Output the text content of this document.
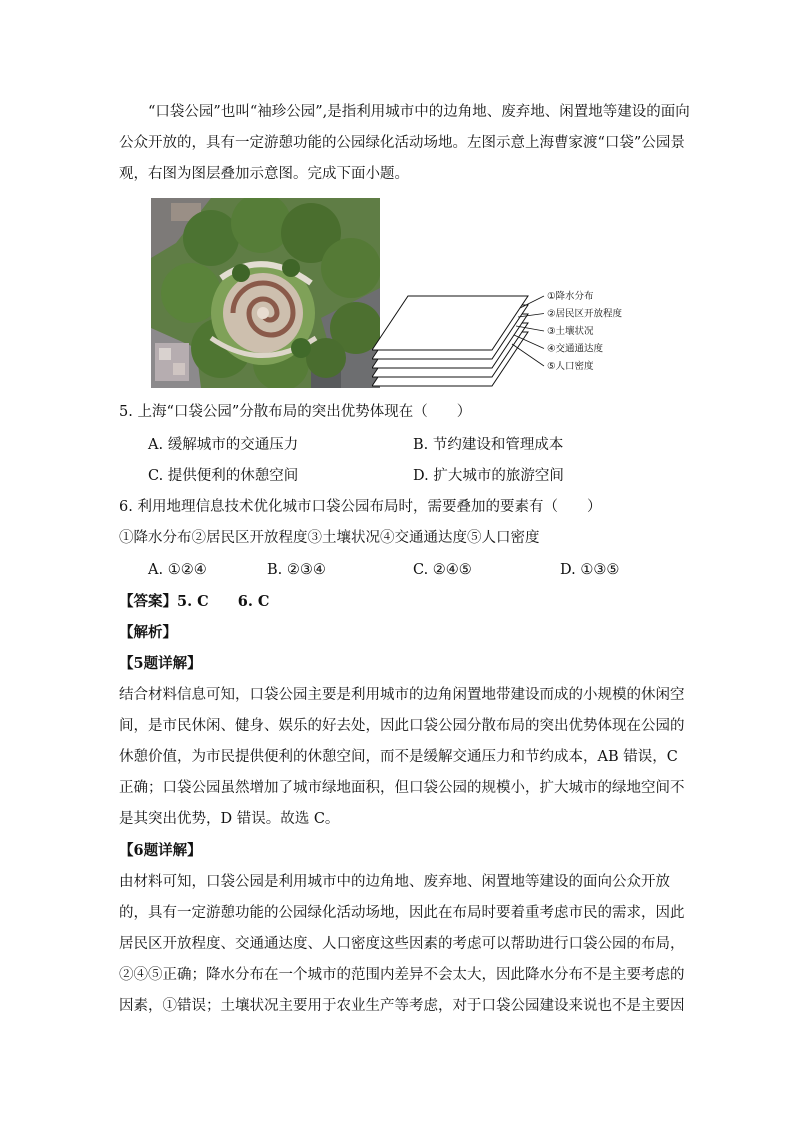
“口袋公园”也叫“袖珍公园”,是指利用城市中的边角地、废弃地、闲置地等建设的面向
公众开放的，具有一定游憩功能的公园绿化活动场地。左图示意上海曹家渡“口袋”公园景
观，右图为图层叠加示意图。完成下面小题。
①降水分布
②居民区开放程度
③土壤状况
④交通通达度
⑤人口密度
5. 上海“口袋公园”分散布局的突出优势体现在（　　）
A. 缓解城市的交通压力	B. 节约建设和管理成本
C. 提供便利的休憩空间	D. 扩大城市的旅游空间
6. 利用地理信息技术优化城市口袋公园布局时，需要叠加的要素有（　　）
①降水分布②居民区开放程度③土壤状况④交通通达度⑤人口密度
A. ①②④	B. ②③④	C. ②④⑤	D. ①③⑤
【答案】5. C　　6. C
【解析】
【5题详解】
结合材料信息可知，口袋公园主要是利用城市的边角闲置地带建设而成的小规模的休闲空
间，是市民休闲、健身、娱乐的好去处，因此口袋公园分散布局的突出优势体现在公园的
休憩价值，为市民提供便利的休憩空间，而不是缓解交通压力和节约成本，AB 错误，C
正确；口袋公园虽然增加了城市绿地面积，但口袋公园的规模小，扩大城市的绿地空间不
是其突出优势，D 错误。故选 C。
【6题详解】
由材料可知，口袋公园是利用城市中的边角地、废弃地、闲置地等建设的面向公众开放
的，具有一定游憩功能的公园绿化活动场地，因此在布局时要着重考虑市民的需求，因此
居民区开放程度、交通通达度、人口密度这些因素的考虑可以帮助进行口袋公园的布局，
②④⑤正确；降水分布在一个城市的范围内差异不会太大，因此降水分布不是主要考虑的
因素，①错误；土壤状况主要用于农业生产等考虑，对于口袋公园建设来说也不是主要因
